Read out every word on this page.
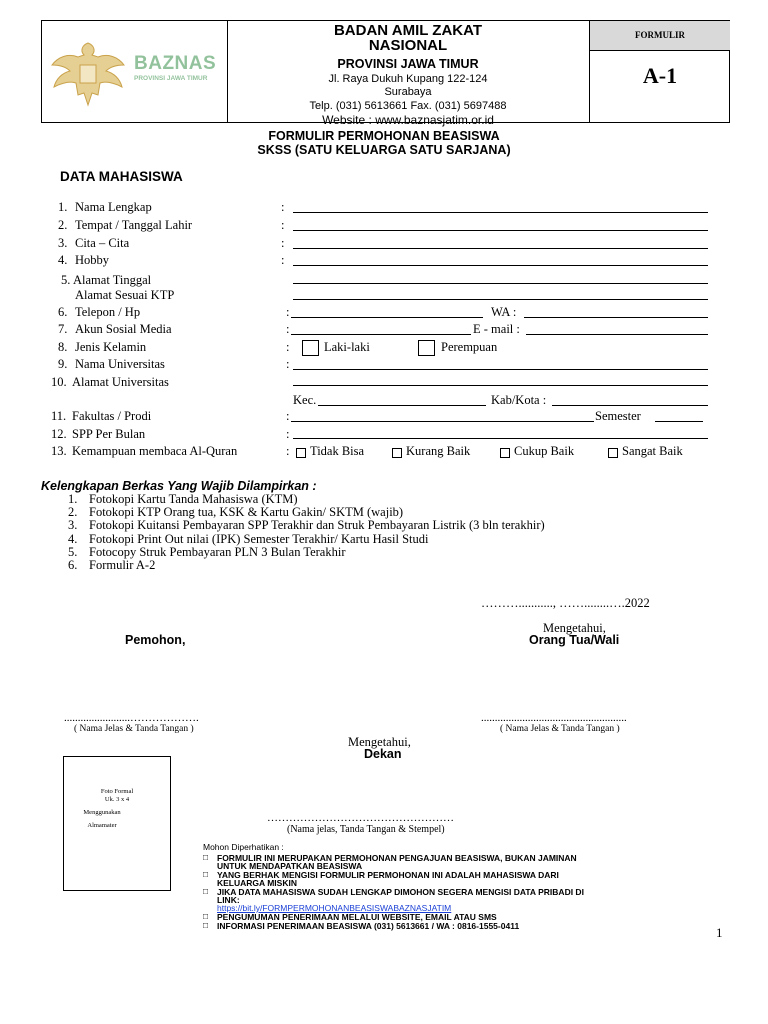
BAZNAS
PROVINSI JAWA TIMUR
BADAN AMIL ZAKAT
NASIONAL
PROVINSI JAWA TIMUR
Jl. Raya Dukuh Kupang 122-124
Surabaya
Telp. (031) 5613661 Fax. (031) 5697488
Website : www.baznasjatim.or.id
FORMULIR
A-1
FORMULIR PERMOHONAN BEASISWA
SKSS (SATU KELUARGA SATU SARJANA)
DATA MAHASISWA
1. Nama Lengkap	:
2. Tempat / Tanggal Lahir	:
3. Cita – Cita	:
4. Hobby	:
5. Alamat Tinggal
Alamat Sesuai KTP
6. Telepon / Hp	:	WA :
7. Akun Sosial Media	:	E - mail :
8. Jenis Kelamin	:	Laki-laki	Perempuan
9. Nama Universitas	:
10. Alamat Universitas
Kec.	Kab/Kota :
11. Fakultas / Prodi	:	Semester
12. SPP Per Bulan	:
13. Kemampuan membaca Al-Quran	: Tidak Bisa	Kurang Baik	Cukup Baik	Sangat Baik
Kelengkapan Berkas Yang Wajib Dilampirkan :
1. Fotokopi Kartu Tanda Mahasiswa (KTM)
2. Fotokopi KTP Orang tua, KSK & Kartu Gakin/ SKTM (wajib)
3. Fotokopi Kuitansi Pembayaran SPP Terakhir dan Struk Pembayaran Listrik (3 bln terakhir)
4. Fotokopi Print Out nilai (IPK) Semester Terakhir/ Kartu Hasil Studi
5. Fotocopy Struk Pembayaran PLN 3 Bulan Terakhir
6. Formulir A-2
………..........., ……........….2022
Mengetahui,
Orang Tua/Wali
Pemohon,
........................……………….
( Nama Jelas & Tanda Tangan )
.....................................................
( Nama Jelas & Tanda Tangan )
Mengetahui,
Dekan
Foto Formal
Uk. 3 x 4
Menggunakan
Almamater
……………………………………………
(Nama jelas, Tanda Tangan & Stempel)
Mohon Diperhatikan :
□	FORMULIR INI MERUPAKAN PERMOHONAN PENGAJUAN BEASISWA, BUKAN JAMINAN UNTUK MENDAPATKAN BEASISWA
□	YANG BERHAK MENGISI FORMULIR PERMOHONAN INI ADALAH MAHASISWA DARI KELUARGA MISKIN
□	JIKA DATA MAHASISWA SUDAH LENGKAP DIMOHON SEGERA MENGISI DATA PRIBADI DI LINK:
https://bit.ly/FORMPERMOHONANBEASISWABAZNASJATIM
□	PENGUMUMAN PENERIMAAN MELALUI WEBSITE, EMAIL ATAU SMS
□	INFORMASI PENERIMAAN BEASISWA (031) 5613661 / WA : 0816-1555-0411	1
